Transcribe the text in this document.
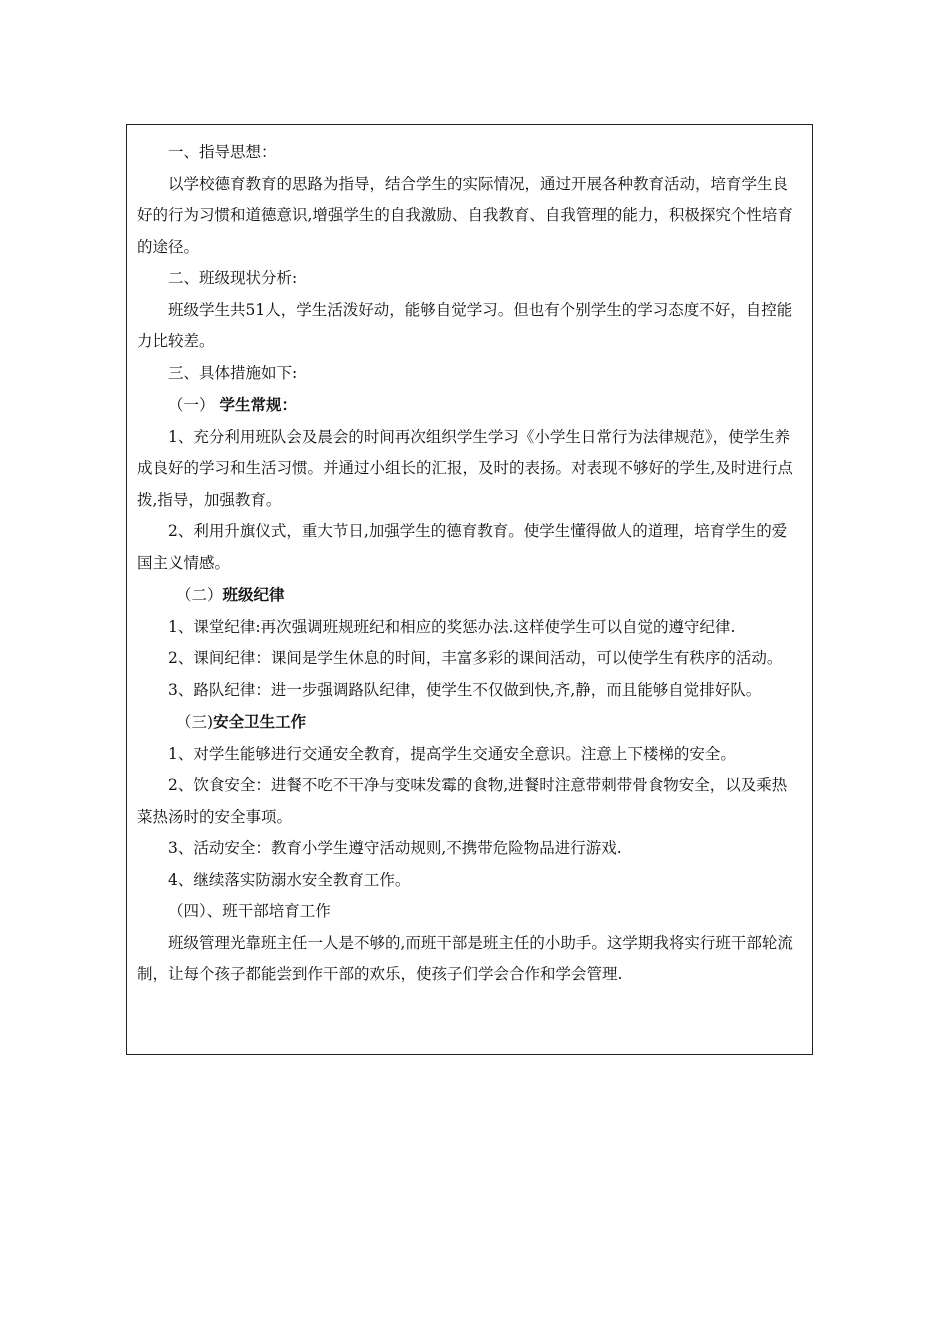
一、指导思想：

以学校德育教育的思路为指导，结合学生的实际情况，通过开展各种教育活动，培育学生良好的行为习惯和道德意识,增强学生的自我激励、自我教育、自我管理的能力，积极探究个性培育的途径。

二、班级现状分析:

班级学生共51人，学生活泼好动，能够自觉学习。但也有个别学生的学习态度不好，自控能力比较差。

三、具体措施如下:

（一） 学生常规：

1、充分利用班队会及晨会的时间再次组织学生学习《小学生日常行为法律规范》，使学生养成良好的学习和生活习惯。并通过小组长的汇报，及时的表扬。对表现不够好的学生,及时进行点拨,指导，加强教育。

2、利用升旗仪式，重大节日,加强学生的德育教育。使学生懂得做人的道理，培育学生的爱国主义情感。

（二）班级纪律

1、课堂纪律:再次强调班规班纪和相应的奖惩办法.这样使学生可以自觉的遵守纪律.

2、课间纪律：课间是学生休息的时间，丰富多彩的课间活动，可以使学生有秩序的活动。

3、路队纪律：进一步强调路队纪律，使学生不仅做到快,齐,静，而且能够自觉排好队。

（三)安全卫生工作

1、对学生能够进行交通安全教育，提高学生交通安全意识。注意上下楼梯的安全。

2、饮食安全：进餐不吃不干净与变味发霉的食物,进餐时注意带刺带骨食物安全，以及乘热菜热汤时的安全事项。

3、活动安全：教育小学生遵守活动规则,不携带危险物品进行游戏.

4、继续落实防溺水安全教育工作。

（四）、班干部培育工作

班级管理光靠班主任一人是不够的,而班干部是班主任的小助手。这学期我将实行班干部轮流制，让每个孩子都能尝到作干部的欢乐，使孩子们学会合作和学会管理.
